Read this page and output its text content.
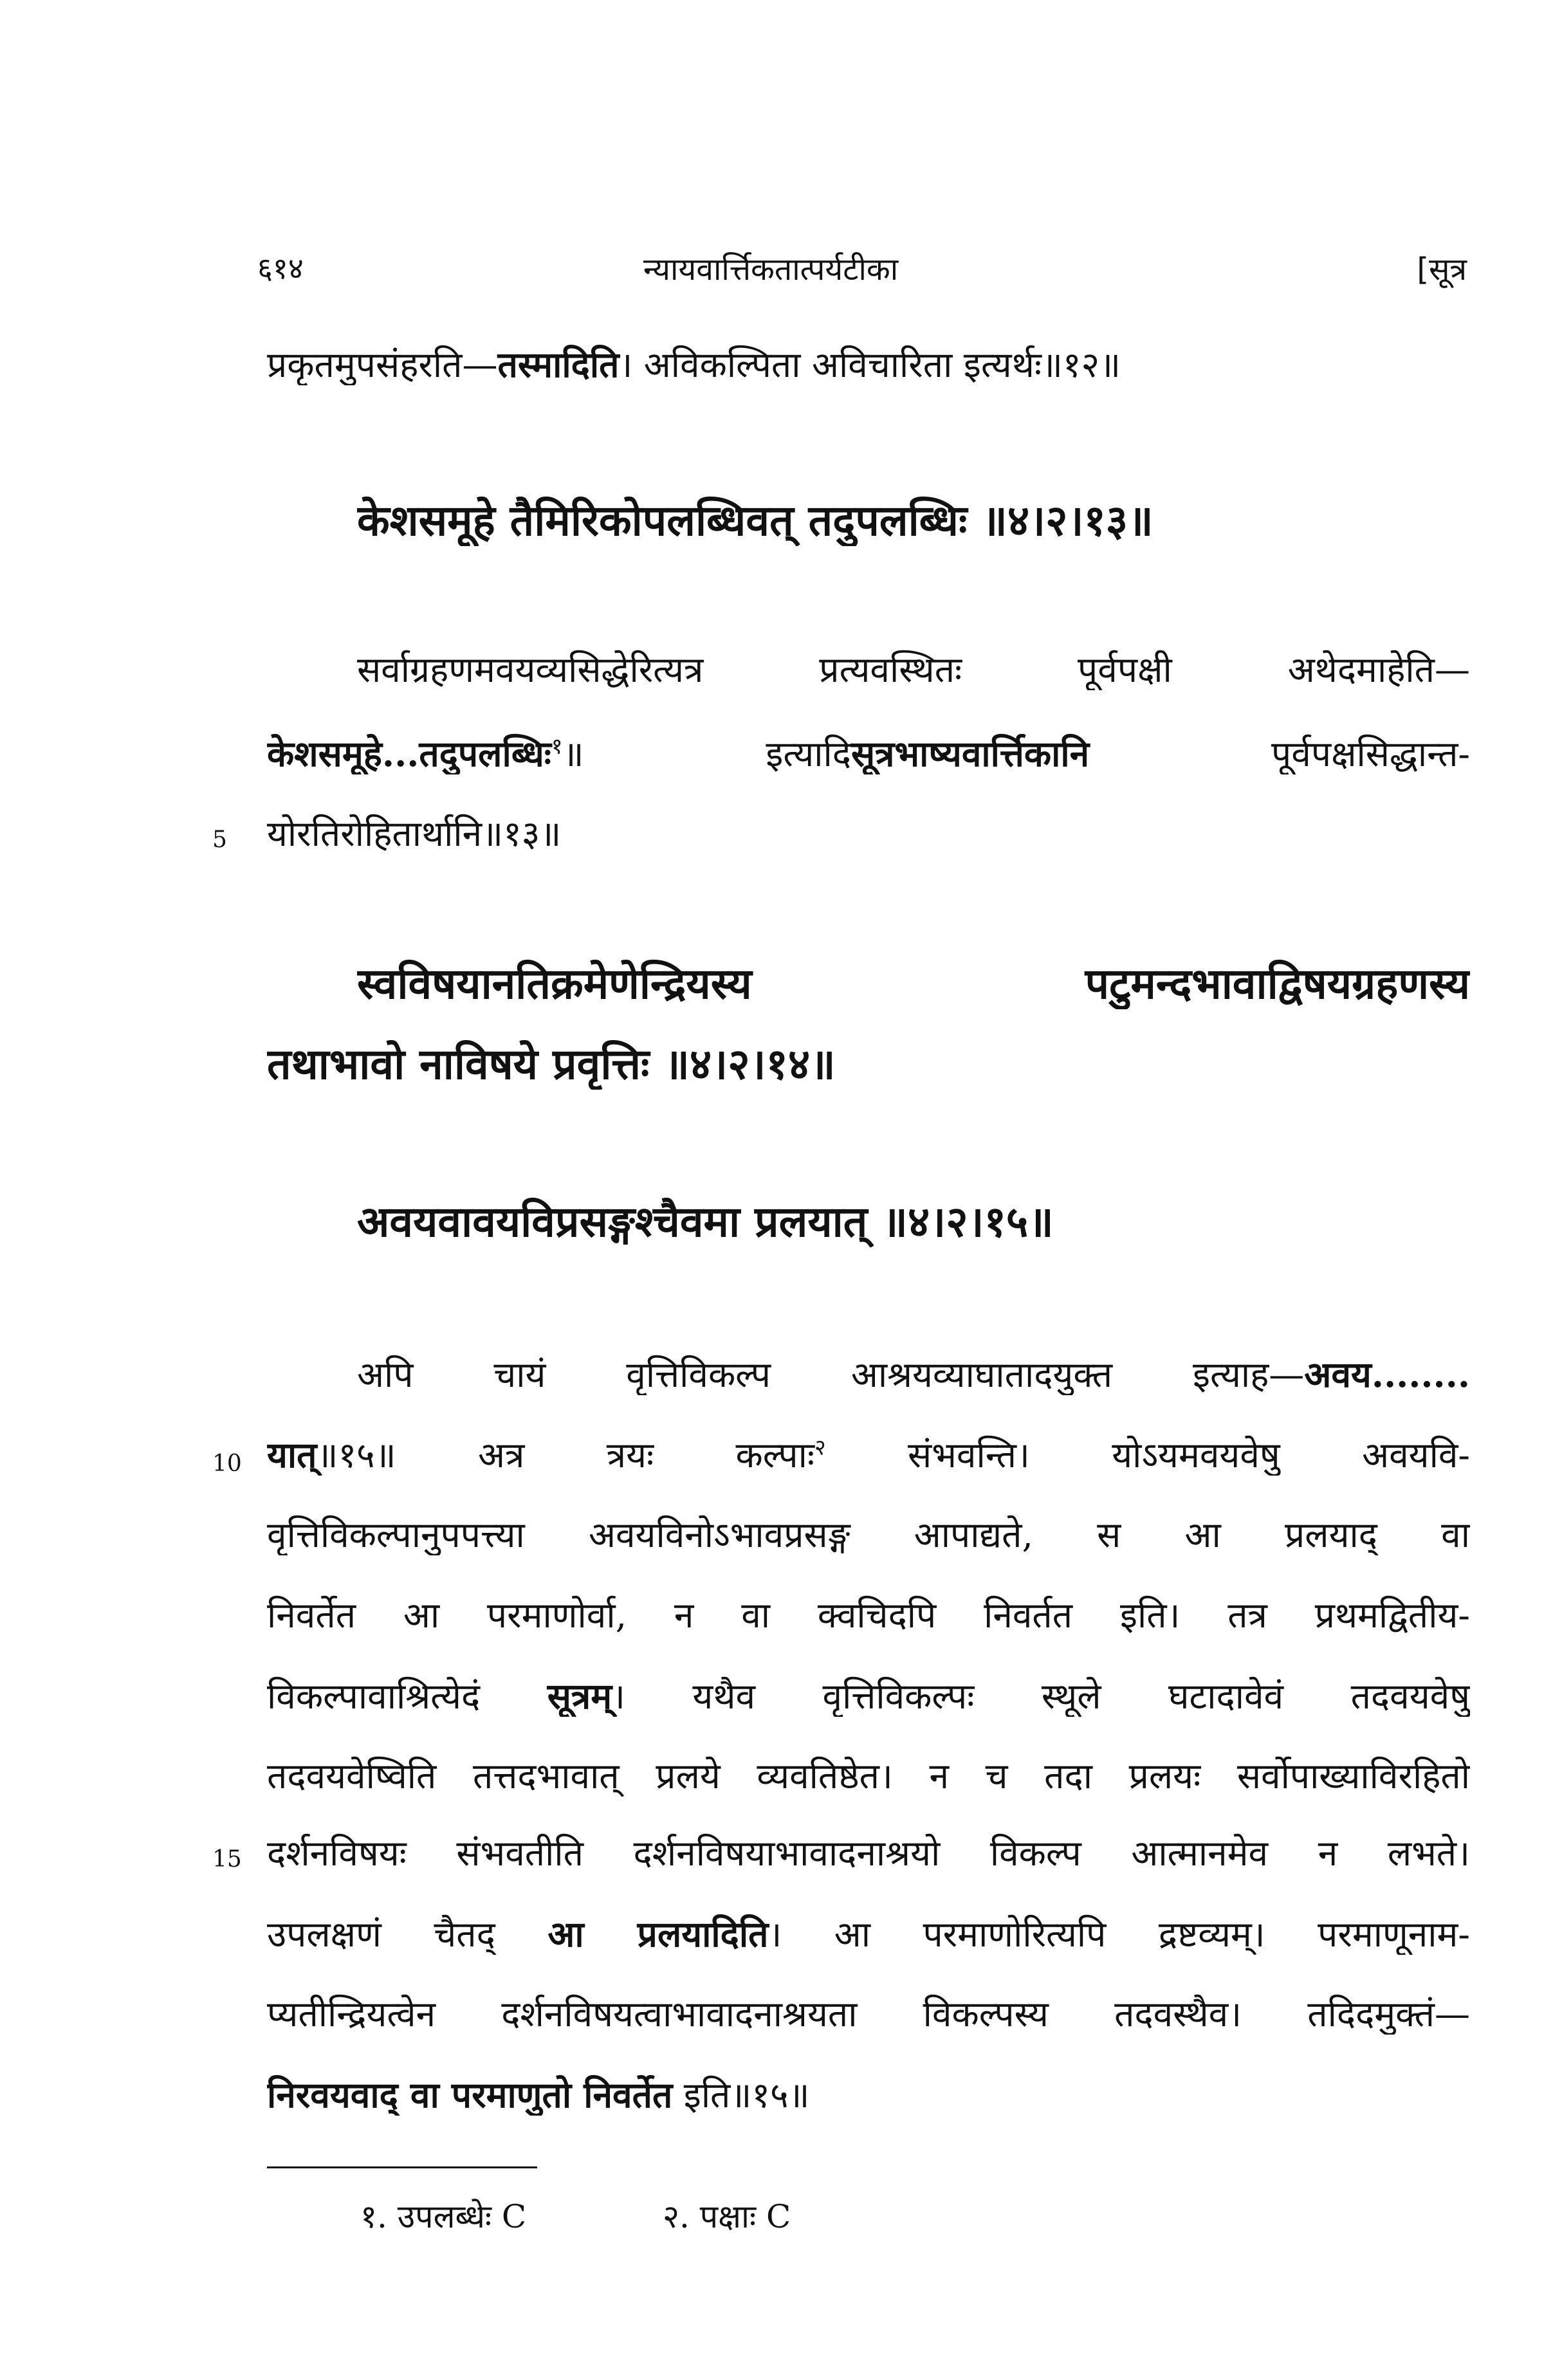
६१४	न्यायवार्त्तिकतात्पर्यटीका	[सूत्र
प्रकृतमुपसंहरति—तस्मादिति। अविकल्पिता अविचारिता इत्यर्थः॥१२॥
केशसमूहे तैमिरिकोपलब्धिवत् तदुपलब्धिः ॥४।२।१३॥
सर्वाग्रहणमवयव्यसिद्धेरित्यत्र प्रत्यवस्थितः पूर्वपक्षी अथेदमाहेति—
केशसमूहे...तदुपलब्धिः$^१$॥ इत्यादिसूत्रभाष्यवार्त्तिकानि पूर्वपक्षसिद्धान्त-
5 योरतिरोहितार्थानि॥१३॥
स्वविषयानतिक्रमेणेन्द्रियस्य पटुमन्दभावाद्विषयग्रहणस्य
तथाभावो नाविषये प्रवृत्तिः ॥४।२।१४॥
अवयवावयविप्रसङ्गश्चैवमा प्रलयात् ॥४।२।१५॥
अपि चायं वृत्तिविकल्प आश्रयव्याघातादयुक्त इत्याह—अवय........
10 यात्॥१५॥ अत्र त्रयः कल्पाः$^२$ संभवन्ति। योऽयमवयवेषु अवयवि-
वृत्तिविकल्पानुपपत्त्या अवयविनोऽभावप्रसङ्ग आपाद्यते, स आ प्रलयाद् वा
निवर्तेत आ परमाणोर्वा, न वा क्वचिदपि निवर्तत इति। तत्र प्रथमद्वितीय-
विकल्पावाश्रित्येदं सूत्रम्। यथैव वृत्तिविकल्पः स्थूले घटादावेवं तदवयवेषु
तदवयवेष्विति तत्तदभावात् प्रलये व्यवतिष्ठेत। न च तदा प्रलयः सर्वोपाख्याविरहितो
15 दर्शनविषयः संभवतीति दर्शनविषयाभावादनाश्रयो विकल्प आत्मानमेव न लभते।
उपलक्षणं चैतद् आ प्रलयादिति। आ परमाणोरित्यपि द्रष्टव्यम्। परमाणूनाम-
प्यतीन्द्रियत्वेन दर्शनविषयत्वाभावादनाश्रयता विकल्पस्य तदवस्थैव। तदिदमुक्तं—
निरवयवाद् वा परमाणुतो निवर्तेत इति॥१५॥
१. उपलब्धेः C	२. पक्षाः C
